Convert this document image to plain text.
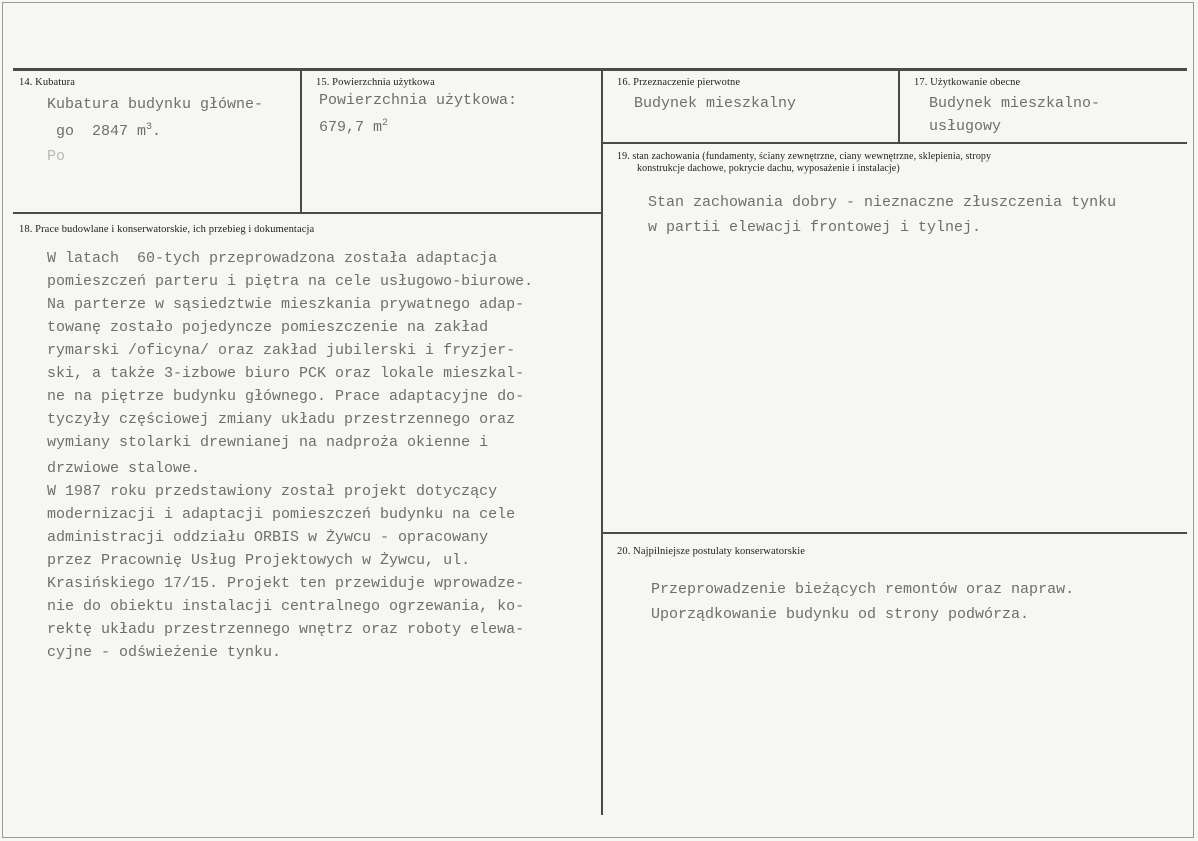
14. Kubatura
Kubatura budynku główne-
go  2847 $m^3$.
Po
15. Powierzchnia użytkowa
Powierzchnia użytkowa:
679,7 $m^2$
16. Przeznaczenie pierwotne
Budynek mieszkalny
17. Użytkowanie obecne
Budynek mieszkalno-
usługowy
19. stan zachowania (fundamenty, ściany zewnętrzne, ciany wewnętrzne, sklepienia, stropy
konstrukcje dachowe, pokrycie dachu, wyposażenie i instalacje)
Stan zachowania dobry - nieznaczne złuszczenia tynku
w partii elewacji frontowej i tylnej.
18. Prace budowlane i konserwatorskie, ich przebieg i dokumentacja
W latach  60-tych przeprowadzona została adaptacja
pomieszczeń parteru i piętra na cele usługowo-biurowe.
Na parterze w sąsiedztwie mieszkania prywatnego adap-
towanę zostało pojedyncze pomieszczenie na zakład
rymarski /oficyna/ oraz zakład jubilerski i fryzjer-
ski, a także 3-izbowe biuro PCK oraz lokale mieszkal-
ne na piętrze budynku głównego. Prace adaptacyjne do-
tyczyły częściowej zmiany układu przestrzennego oraz
wymiany stolarki drewnianej na nadproża okienne i
drzwiowe stalowe.
W 1987 roku przedstawiony został projekt dotyczący
modernizacji i adaptacji pomieszczeń budynku na cele
administracji oddziału ORBIS w Żywcu - opracowany
przez Pracownię Usług Projektowych w Żywcu, ul.
Krasińskiego 17/15. Projekt ten przewiduje wprowadze-
nie do obiektu instalacji centralnego ogrzewania, ko-
rektę układu przestrzennego wnętrz oraz roboty elewa-
cyjne - odświeżenie tynku.
20. Najpilniejsze postulaty konserwatorskie
Przeprowadzenie bieżących remontów oraz napraw.
Uporządkowanie budynku od strony podwórza.
